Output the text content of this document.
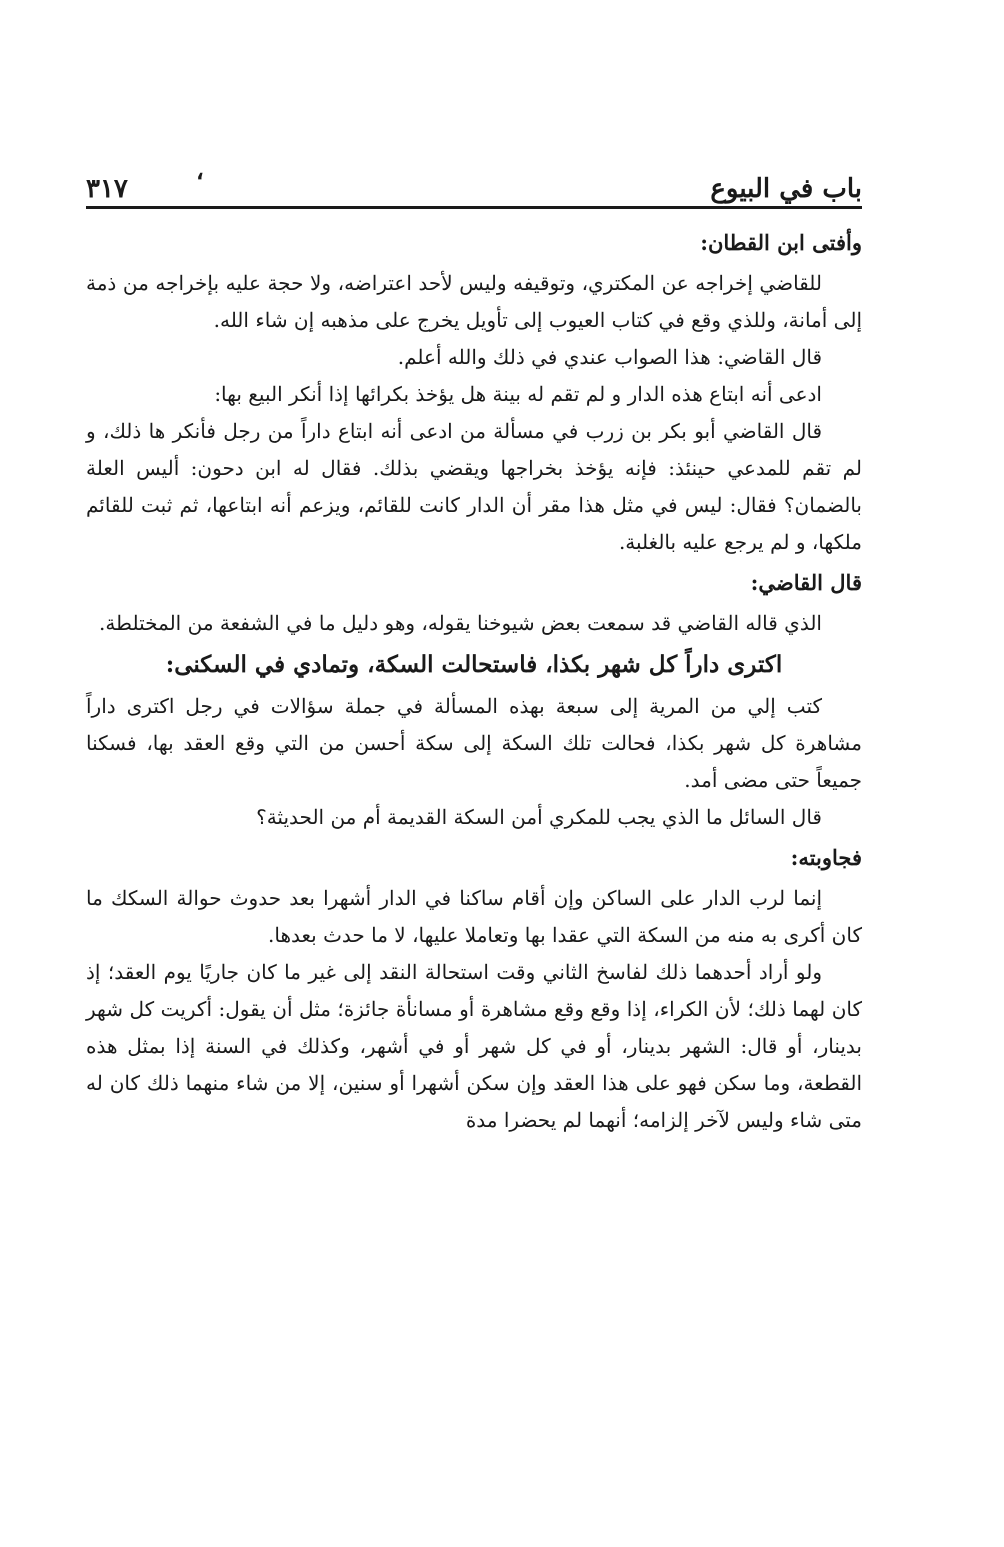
باب في البيوع
٣١٧
،

وأفتى ابن القطان:

للقاضي إخراجه عن المكتري، وتوقيفه وليس لأحد اعتراضه، ولا حجة عليه بإخراجه من ذمة إلى أمانة، وللذي وقع في كتاب العيوب إلى تأويل يخرج على مذهبه إن شاء الله.

قال القاضي: هذا الصواب عندي في ذلك والله أعلم.

ادعى أنه ابتاع هذه الدار و لم تقم له بينة هل يؤخذ بكرائها إذا أنكر البيع بها:

قال القاضي أبو بكر بن زرب في مسألة من ادعى أنه ابتاع داراً من رجل فأنكر ها ذلك، و لم تقم للمدعي حينئذ: فإنه يؤخذ بخراجها ويقضي بذلك. فقال له ابن دحون: أليس العلة بالضمان؟ فقال: ليس في مثل هذا مقر أن الدار كانت للقائم، ويزعم أنه ابتاعها، ثم ثبت للقائم ملكها، و لم يرجع عليه بالغلبة.

قال القاضي:

الذي قاله القاضي قد سمعت بعض شيوخنا يقوله، وهو دليل ما في الشفعة من المختلطة.

اكترى داراً كل شهر بكذا، فاستحالت السكة، وتمادي في السكنى:

كتب إلي من المرية إلى سبعة بهذه المسألة في جملة سؤالات في رجل اكترى داراً مشاهرة كل شهر بكذا، فحالت تلك السكة إلى سكة أحسن من التي وقع العقد بها، فسكنا جميعاً حتى مضى أمد.

قال السائل ما الذي يجب للمكري أمن السكة القديمة أم من الحديثة؟

فجاوبته:

إنما لرب الدار على الساكن وإن أقام ساكنا في الدار أشهرا بعد حدوث حوالة السكك ما كان أكرى به منه من السكة التي عقدا بها وتعاملا عليها، لا ما حدث بعدها.

ولو أراد أحدهما ذلك لفاسخ الثاني وقت استحالة النقد إلى غير ما كان جاريًا يوم العقد؛ إذ كان لهما ذلك؛ لأن الكراء، إذا وقع وقع مشاهرة أو مسانأة جائزة؛ مثل أن يقول: أكريت كل شهر بدينار، أو قال: الشهر بدينار، أو في كل شهر أو في أشهر، وكذلك في السنة إذا بمثل هذه القطعة، وما سكن فهو على هذا العقد وإن سكن أشهرا أو سنين، إلا من شاء منهما ذلك كان له متى شاء وليس لآخر إلزامه؛ أنهما لم يحضرا مدة
